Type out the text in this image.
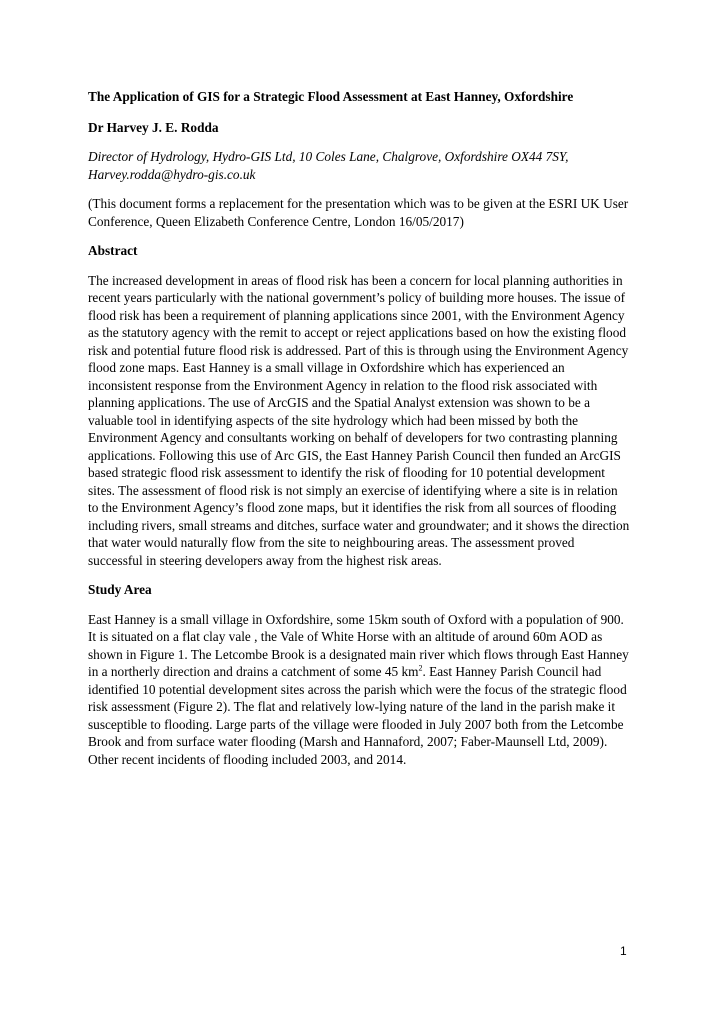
The Application of GIS for a Strategic Flood Assessment at East Hanney, Oxfordshire

Dr Harvey J. E. Rodda

Director of Hydrology, Hydro-GIS Ltd, 10 Coles Lane, Chalgrove, Oxfordshire OX44 7SY,
Harvey.rodda@hydro-gis.co.uk

(This document forms a replacement for the presentation which was to be given at the ESRI UK User Conference, Queen Elizabeth Conference Centre, London 16/05/2017)

Abstract

The increased development in areas of flood risk has been a concern for local planning authorities in recent years particularly with the national government’s policy of building more houses. The issue of flood risk has been a requirement of planning applications since 2001, with the Environment Agency as the statutory agency with the remit to accept or reject applications based on how the existing flood risk and potential future flood risk is addressed. Part of this is through using the Environment Agency flood zone maps. East Hanney is a small village in Oxfordshire which has experienced an inconsistent response from the Environment Agency in relation to the flood risk associated with planning applications. The use of ArcGIS and the Spatial Analyst extension was shown to be a valuable tool in identifying aspects of the site hydrology which had been missed by both the Environment Agency and consultants working on behalf of developers for two contrasting planning applications. Following this use of Arc GIS, the East Hanney Parish Council then funded an ArcGIS based strategic flood risk assessment to identify the risk of flooding for 10 potential development sites. The assessment of flood risk is not simply an exercise of identifying where a site is in relation to the Environment Agency’s flood zone maps, but it identifies the risk from all sources of flooding including rivers, small streams and ditches, surface water and groundwater; and it shows the direction that water would naturally flow from the site to neighbouring areas. The assessment proved successful in steering developers away from the highest risk areas.

Study Area

East Hanney is a small village in Oxfordshire, some 15km south of Oxford with a population of 900. It is situated on a flat clay vale , the Vale of White Horse with an altitude of around 60m AOD as shown in Figure 1. The Letcombe Brook is a designated main river which flows through East Hanney in a northerly direction and drains a catchment of some 45 $km^2$. East Hanney Parish Council had identified 10 potential development sites across the parish which were the focus of the strategic flood risk assessment (Figure 2). The flat and relatively low-lying nature of the land in the parish make it susceptible to flooding. Large parts of the village were flooded in July 2007 both from the Letcombe Brook and from surface water flooding (Marsh and Hannaford, 2007; Faber-Maunsell Ltd, 2009). Other recent incidents of flooding included 2003, and 2014.

1
